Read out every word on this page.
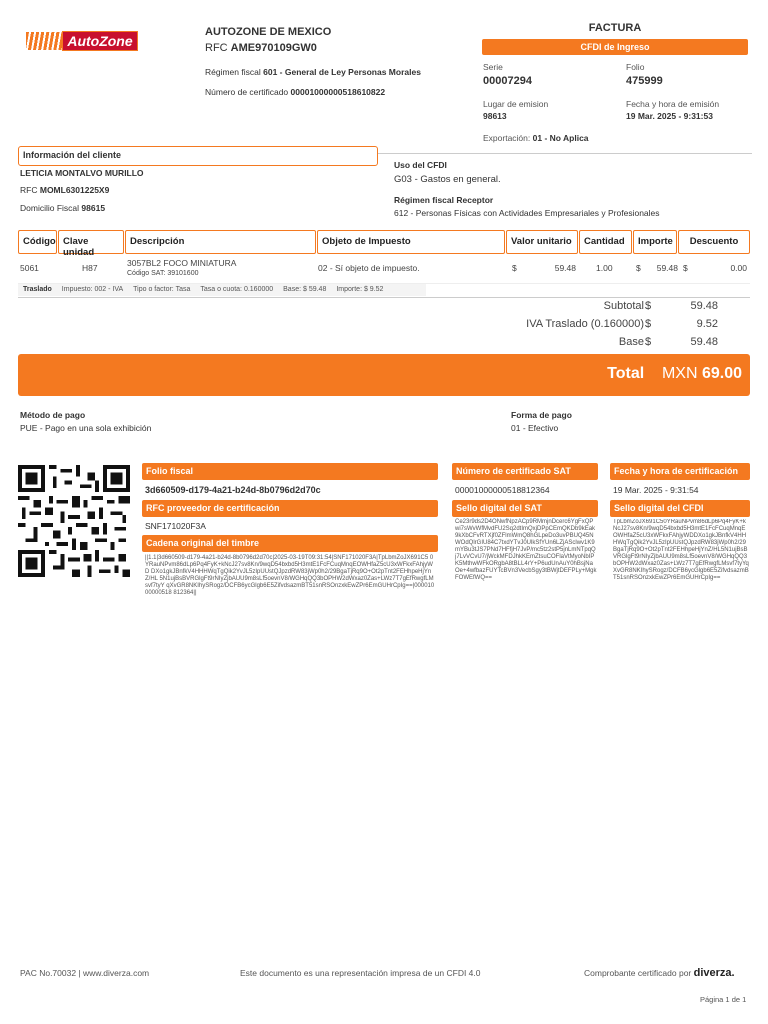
AutoZone
AUTOZONE DE MEXICO
RFC AME970109GW0
Régimen fiscal 601 - General de Ley Personas Morales
Número de certificado 00001000000518610822
FACTURA
CFDI de Ingreso
Serie
00007294
Folio
475999
Lugar de emision
98613
Fecha y hora de emisión
19 Mar. 2025 - 9:31:53
Exportación: 01 - No Aplica
Información del cliente
LETICIA MONTALVO MURILLO
RFC MOML6301225X9
Domicilio Fiscal 98615
Uso del CFDI
G03 - Gastos en general.
Régimen fiscal Receptor
612 - Personas Físicas con Actividades Empresariales y Profesionales
Código Clave unidad
Descripción	Objeto de Impuesto	Valor unitario	Cantidad	Importe	Descuento
5061	H87	3057BL2 FOCO MINIATURA
Código SAT: 39101600
02 - Sí objeto de impuesto.	$	59.48 1.00	$	59.48 $	0.00
Traslado Impuesto: 002 - IVA Tipo o factor: Tasa Tasa o cuota: 0.160000 Base: $ 59.48 Importe: $ 9.52
Subtotal $	59.48
IVA Traslado (0.160000) $	9.52
Base $	59.48
Total MXN 69.00
Método de pago
PUE - Pago en una sola exhibición
Forma de pago
01 - Efectivo
Folio fiscal
3d660509-d179-4a21-b24d-8b0796d2d70c
RFC proveedor de certificación
SNF171020F3A
Cadena original del timbre
||1.1|3d660509-d179-4a21-b24d-8b0796d2d70c|2025-03-19T09:31:54|SNF171020F3A|TpLbmZoJX691C5 0YRauNPvm86dLp6Pq4FyK+kNcJ27sv8Kn/9wqD54bxbd5H3mtE1FcFCuqMnqEOWHfaZ5cU3xWFkxFAhjyWD DXo1gkJBnfkV4HHHWqTgQik2YvJL5zIpUUstQJpzdRW83jWp0h2/29BgaTjRq9O+Ot2pTnt2FEHhpeHjYnZ/HL 5N1ujBsBVRGlgFt9rNIyZjbAUU9m8sLf5oevnV8/WGHqQQ3bOPHW2dWxaz0Zas+LWz7T7gEfRwgfLMsvf7tyY qXvGR8NKIhySRogz/DCFB6ycGlgb6E5ZifvdsazmBT51snRSOnzxkEwZPr6EmGUHrCpIg==|00001000000518 812364||
Número de certificado SAT
00001000000518812364
Sello digital del SAT
Ce23r9ds2D4ONwfNpzACp9RMmjnDcerc6YgFxQPwi7sWvWfMvdFU2Sq2dtImQxjDPpCEmQKDb9kEak9kXbCFvRTXjf0ZFlmWmQ8hGLpeDo3uvPBUQ45NWOdQlrGIU84C7txdYTvJ0UlkSfYUn6LZjASclwv1K9mYBu3tJS7PNd7HFfjH7JvP/mc5tz2stP5jnLmNTpqQj7LvVCvU7/jWckMFDJhkKEmZtsuCOFlaVtMyoNbIPK5MthwWFkORgbA8tBLL4rY+P6udUnAuY0hBsjNaOe+4wfbazFUYTcBVn3VecbSgy3tBWjtDEFPLy+MgkFOWEfWQ==
Fecha y hora de certificación
19 Mar. 2025 - 9:31:54
Sello digital del CFDI
TpLbmZoJX691C50YRauNPvm86dLp6Pq4FyK+kNcJ27sv8Kn/9wqD54bxbd5H3mtE1FcFCuqMnqEOWHfaZ5cU3xWFkxFAhjyWDDXo1gkJBnfkV4HHHWqTgQik2YvJL5zIpUUstQJpzdRW83jWp0h2/29BgaTjRq9O+Ot2pTnt2FEHhpeHjYnZ/HL5N1ujBsBVRGlgFt9rNIyZjbAUU9m8sLf5oevnV8/WGHqQQ3bOPHW2dWxaz0Zas+LWz7T7gEfRwgfLMsvf7tyYqXvGR8NKIhySRogz/DCFB6ycGlgb6E5ZifvdsazmBT51snRSOnzxkEwZPr6EmGUHrCpIg==
PAC No.70032 | www.diverza.com	Este documento es una representación impresa de un CFDI 4.0	Comprobante certificado por diverza.
Página 1 de 1
